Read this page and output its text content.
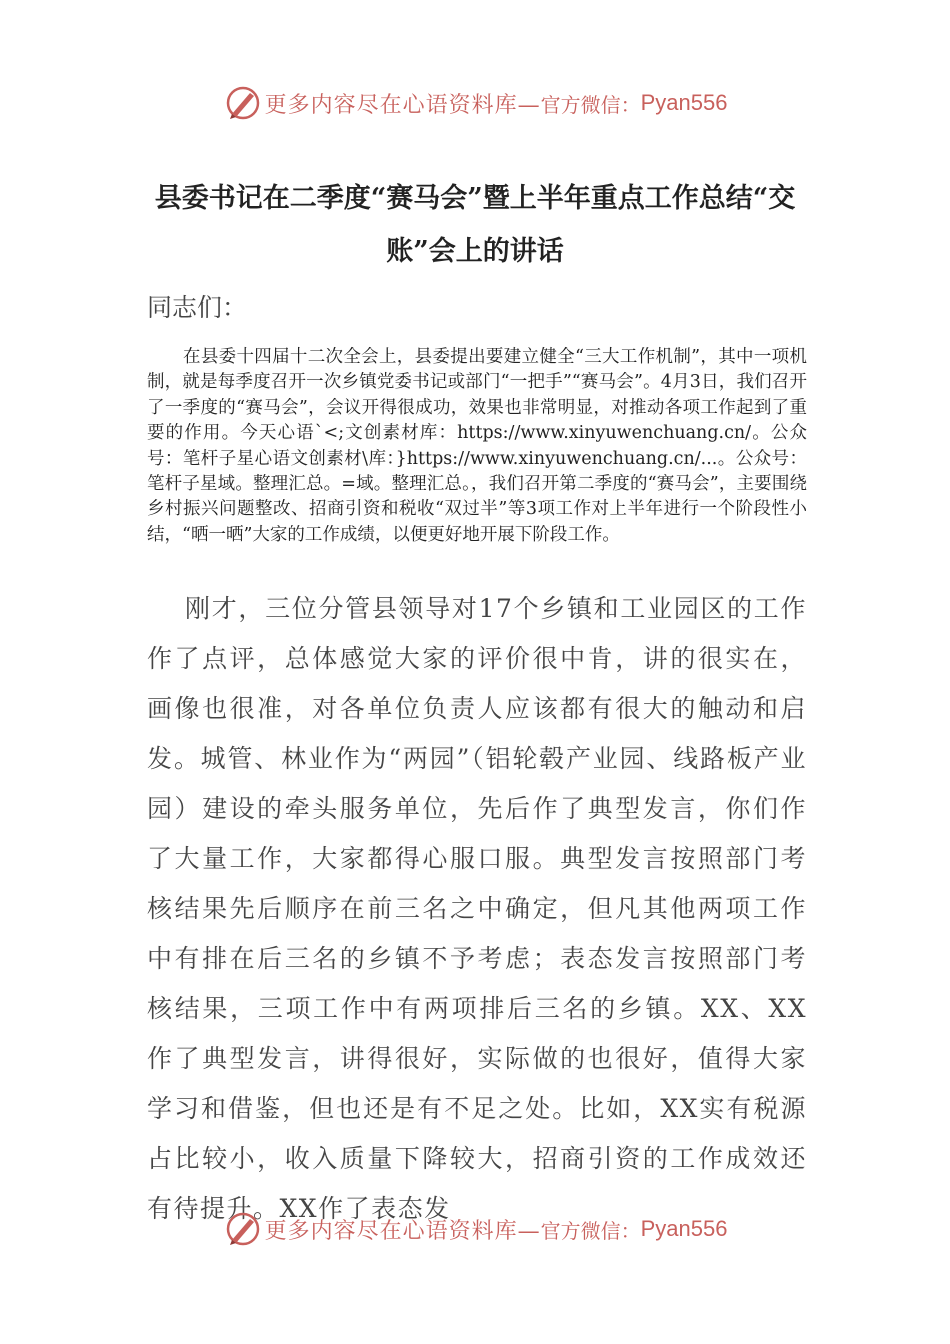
更多内容尽在心语资料库— 官方微信： Pyan556
县委书记在二季度“赛马会”暨上半年重点工作总结“交账”会上的讲话
同志们：
在县委十四届十二次全会上，县委提出要建立健全“三大工作机制”，其中一项机制，就是每季度召开一次乡镇党委书记或部门“一把手”“赛马会”。4月3日，我们召开了一季度的“赛马会”，会议开得很成功，效果也非常明显，对推动各项工作起到了重要的作用。今天心语`<;文创素材库：https://www.xinyuwenchuang.cn/。公众号：笔杆子星心语文创素材\库：}https://www.xinyuwenchuang.cn/...。公众号：笔杆子星域。整理汇总。=域。整理汇总。，我们召开第二季度的“赛马会”，主要围绕乡村振兴问题整改、招商引资和税收“双过半”等3项工作对上半年进行一个阶段性小结，“晒一晒”大家的工作成绩，以便更好地开展下阶段工作。
刚才，三位分管县领导对17个乡镇和工业园区的工作作了点评，总体感觉大家的评价很中肯，讲的很实在，画像也很准，对各单位负责人应该都有很大的触动和启发。城管、林业作为“两园”（铝轮毂产业园、线路板产业园）建设的牵头服务单位，先后作了典型发言，你们作了大量工作，大家都得心服口服。典型发言按照部门考核结果先后顺序在前三名之中确定，但凡其他两项工作中有排在后三名的乡镇不予考虑；表态发言按照部门考核结果，三项工作中有两项排后三名的乡镇。XX、XX作了典型发言，讲得很好，实际做的也很好，值得大家学习和借鉴，但也还是有不足之处。比如，XX实有税源占比较小，收入质量下降较大，招商引资的工作成效还有待提升。XX作了表态发
更多内容尽在心语资料库— 官方微信： Pyan556
